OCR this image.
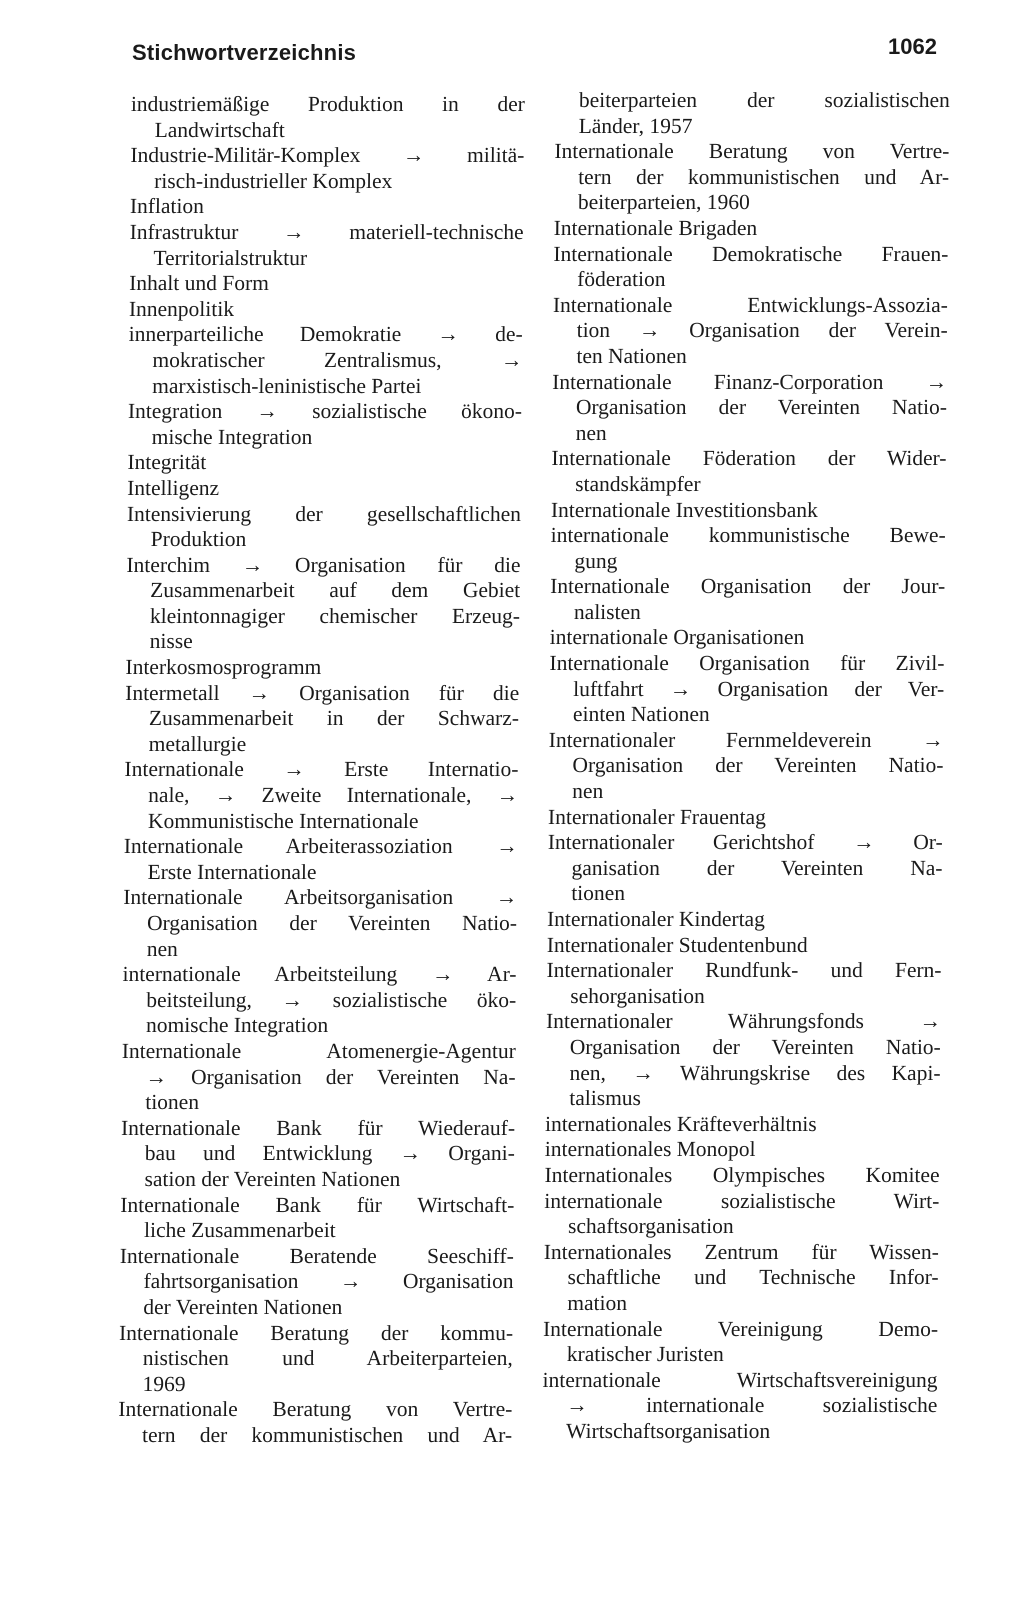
Stichwortverzeichnis	1062
industriemäßige Produktion in der
Landwirtschaft
Industrie-Militär-Komplex → militä-
risch-industrieller Komplex
Inflation
Infrastruktur → materiell-technische
Territorialstruktur
Inhalt und Form
Innenpolitik
innerparteiliche Demokratie → de-
mokratischer Zentralismus, →
marxistisch-leninistische Partei
Integration → sozialistische ökono-
mische Integration
Integrität
Intelligenz
Intensivierung der gesellschaftlichen
Produktion
Interchim → Organisation für die
Zusammenarbeit auf dem Gebiet
kleintonnagiger chemischer Erzeug-
nisse
Interkosmosprogramm
Intermetall → Organisation für die
Zusammenarbeit in der Schwarz-
metallurgie
Internationale → Erste Internatio-
nale, → Zweite Internationale, →
Kommunistische Internationale
Internationale Arbeiterassoziation →
Erste Internationale
Internationale Arbeitsorganisation →
Organisation der Vereinten Natio-
nen
internationale Arbeitsteilung → Ar-
beitsteilung, → sozialistische öko-
nomische Integration
Internationale Atomenergie-Agentur
→ Organisation der Vereinten Na-
tionen
Internationale Bank für Wiederauf-
bau und Entwicklung → Organi-
sation der Vereinten Nationen
Internationale Bank für Wirtschaft-
liche Zusammenarbeit
Internationale Beratende Seeschiff-
fahrtsorganisation → Organisation
der Vereinten Nationen
Internationale Beratung der kommu-
nistischen und Arbeiterparteien,
1969
Internationale Beratung von Vertre-
tern der kommunistischen und Ar-
beiterparteien der sozialistischen
Länder, 1957
Internationale Beratung von Vertre-
tern der kommunistischen und Ar-
beiterparteien, 1960
Internationale Brigaden
Internationale Demokratische Frauen-
föderation
Internationale Entwicklungs-Assozia-
tion → Organisation der Verein-
ten Nationen
Internationale Finanz-Corporation →
Organisation der Vereinten Natio-
nen
Internationale Föderation der Wider-
standskämpfer
Internationale Investitionsbank
internationale kommunistische Bewe-
gung
Internationale Organisation der Jour-
nalisten
internationale Organisationen
Internationale Organisation für Zivil-
luftfahrt → Organisation der Ver-
einten Nationen
Internationaler Fernmeldeverein →
Organisation der Vereinten Natio-
nen
Internationaler Frauentag
Internationaler Gerichtshof → Or-
ganisation der Vereinten Na-
tionen
Internationaler Kindertag
Internationaler Studentenbund
Internationaler Rundfunk- und Fern-
sehorganisation
Internationaler Währungsfonds →
Organisation der Vereinten Natio-
nen, → Währungskrise des Kapi-
talismus
internationales Kräfteverhältnis
internationales Monopol
Internationales Olympisches Komitee
internationale sozialistische Wirt-
schaftsorganisation
Internationales Zentrum für Wissen-
schaftliche und Technische Infor-
mation
Internationale Vereinigung Demo-
kratischer Juristen
internationale Wirtschaftsvereinigung
→ internationale sozialistische
Wirtschaftsorganisation
